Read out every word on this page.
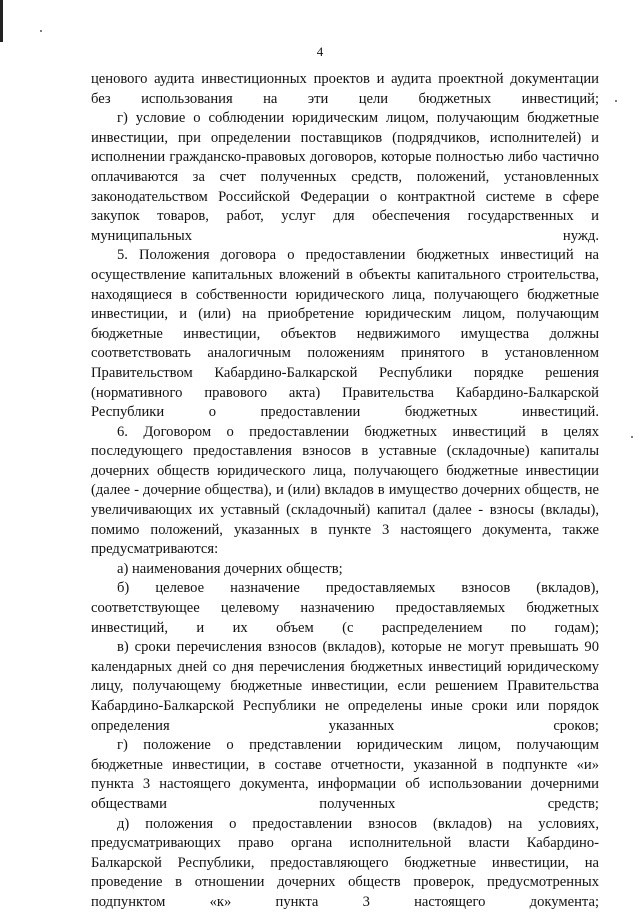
4

ценового аудита инвестиционных проектов и аудита проектной документации без использования на эти цели бюджетных инвестиций;

г) условие о соблюдении юридическим лицом, получающим бюджетные инвестиции, при определении поставщиков (подрядчиков, исполнителей) и исполнении гражданско-правовых договоров, которые полностью либо частично оплачиваются за счет полученных средств, положений, установленных законодательством Российской Федерации о контрактной системе в сфере закупок товаров, работ, услуг для обеспечения государственных и муниципальных нужд.

5. Положения договора о предоставлении бюджетных инвестиций на осуществление капитальных вложений в объекты капитального строительства, находящиеся в собственности юридического лица, получающего бюджетные инвестиции, и (или) на приобретение юридическим лицом, получающим бюджетные инвестиции, объектов недвижимого имущества должны соответствовать аналогичным положениям принятого в установленном Правительством Кабардино-Балкарской Республики порядке решения (нормативного правового акта) Правительства Кабардино-Балкарской Республики о предоставлении бюджетных инвестиций.

6. Договором о предоставлении бюджетных инвестиций в целях последующего предоставления взносов в уставные (складочные) капиталы дочерних обществ юридического лица, получающего бюджетные инвестиции (далее - дочерние общества), и (или) вкладов в имущество дочерних обществ, не увеличивающих их уставный (складочный) капитал (далее - взносы (вклады), помимо положений, указанных в пункте 3 настоящего документа, также предусматриваются:

а) наименования дочерних обществ;

б) целевое назначение предоставляемых взносов (вкладов), соответствующее целевому назначению предоставляемых бюджетных инвестиций, и их объем (с распределением по годам);

в) сроки перечисления взносов (вкладов), которые не могут превышать 90 календарных дней со дня перечисления бюджетных инвестиций юридическому лицу, получающему бюджетные инвестиции, если решением Правительства Кабардино-Балкарской Республики не определены иные сроки или порядок определения указанных сроков;

г) положение о представлении юридическим лицом, получающим бюджетные инвестиции, в составе отчетности, указанной в подпункте «и» пункта 3 настоящего документа, информации об использовании дочерними обществами полученных средств;

д) положения о предоставлении взносов (вкладов) на условиях, предусматривающих право органа исполнительной власти Кабардино-Балкарской Республики, предоставляющего бюджетные инвестиции, на проведение в отношении дочерних обществ проверок, предусмотренных подпунктом «к» пункта 3 настоящего документа;
